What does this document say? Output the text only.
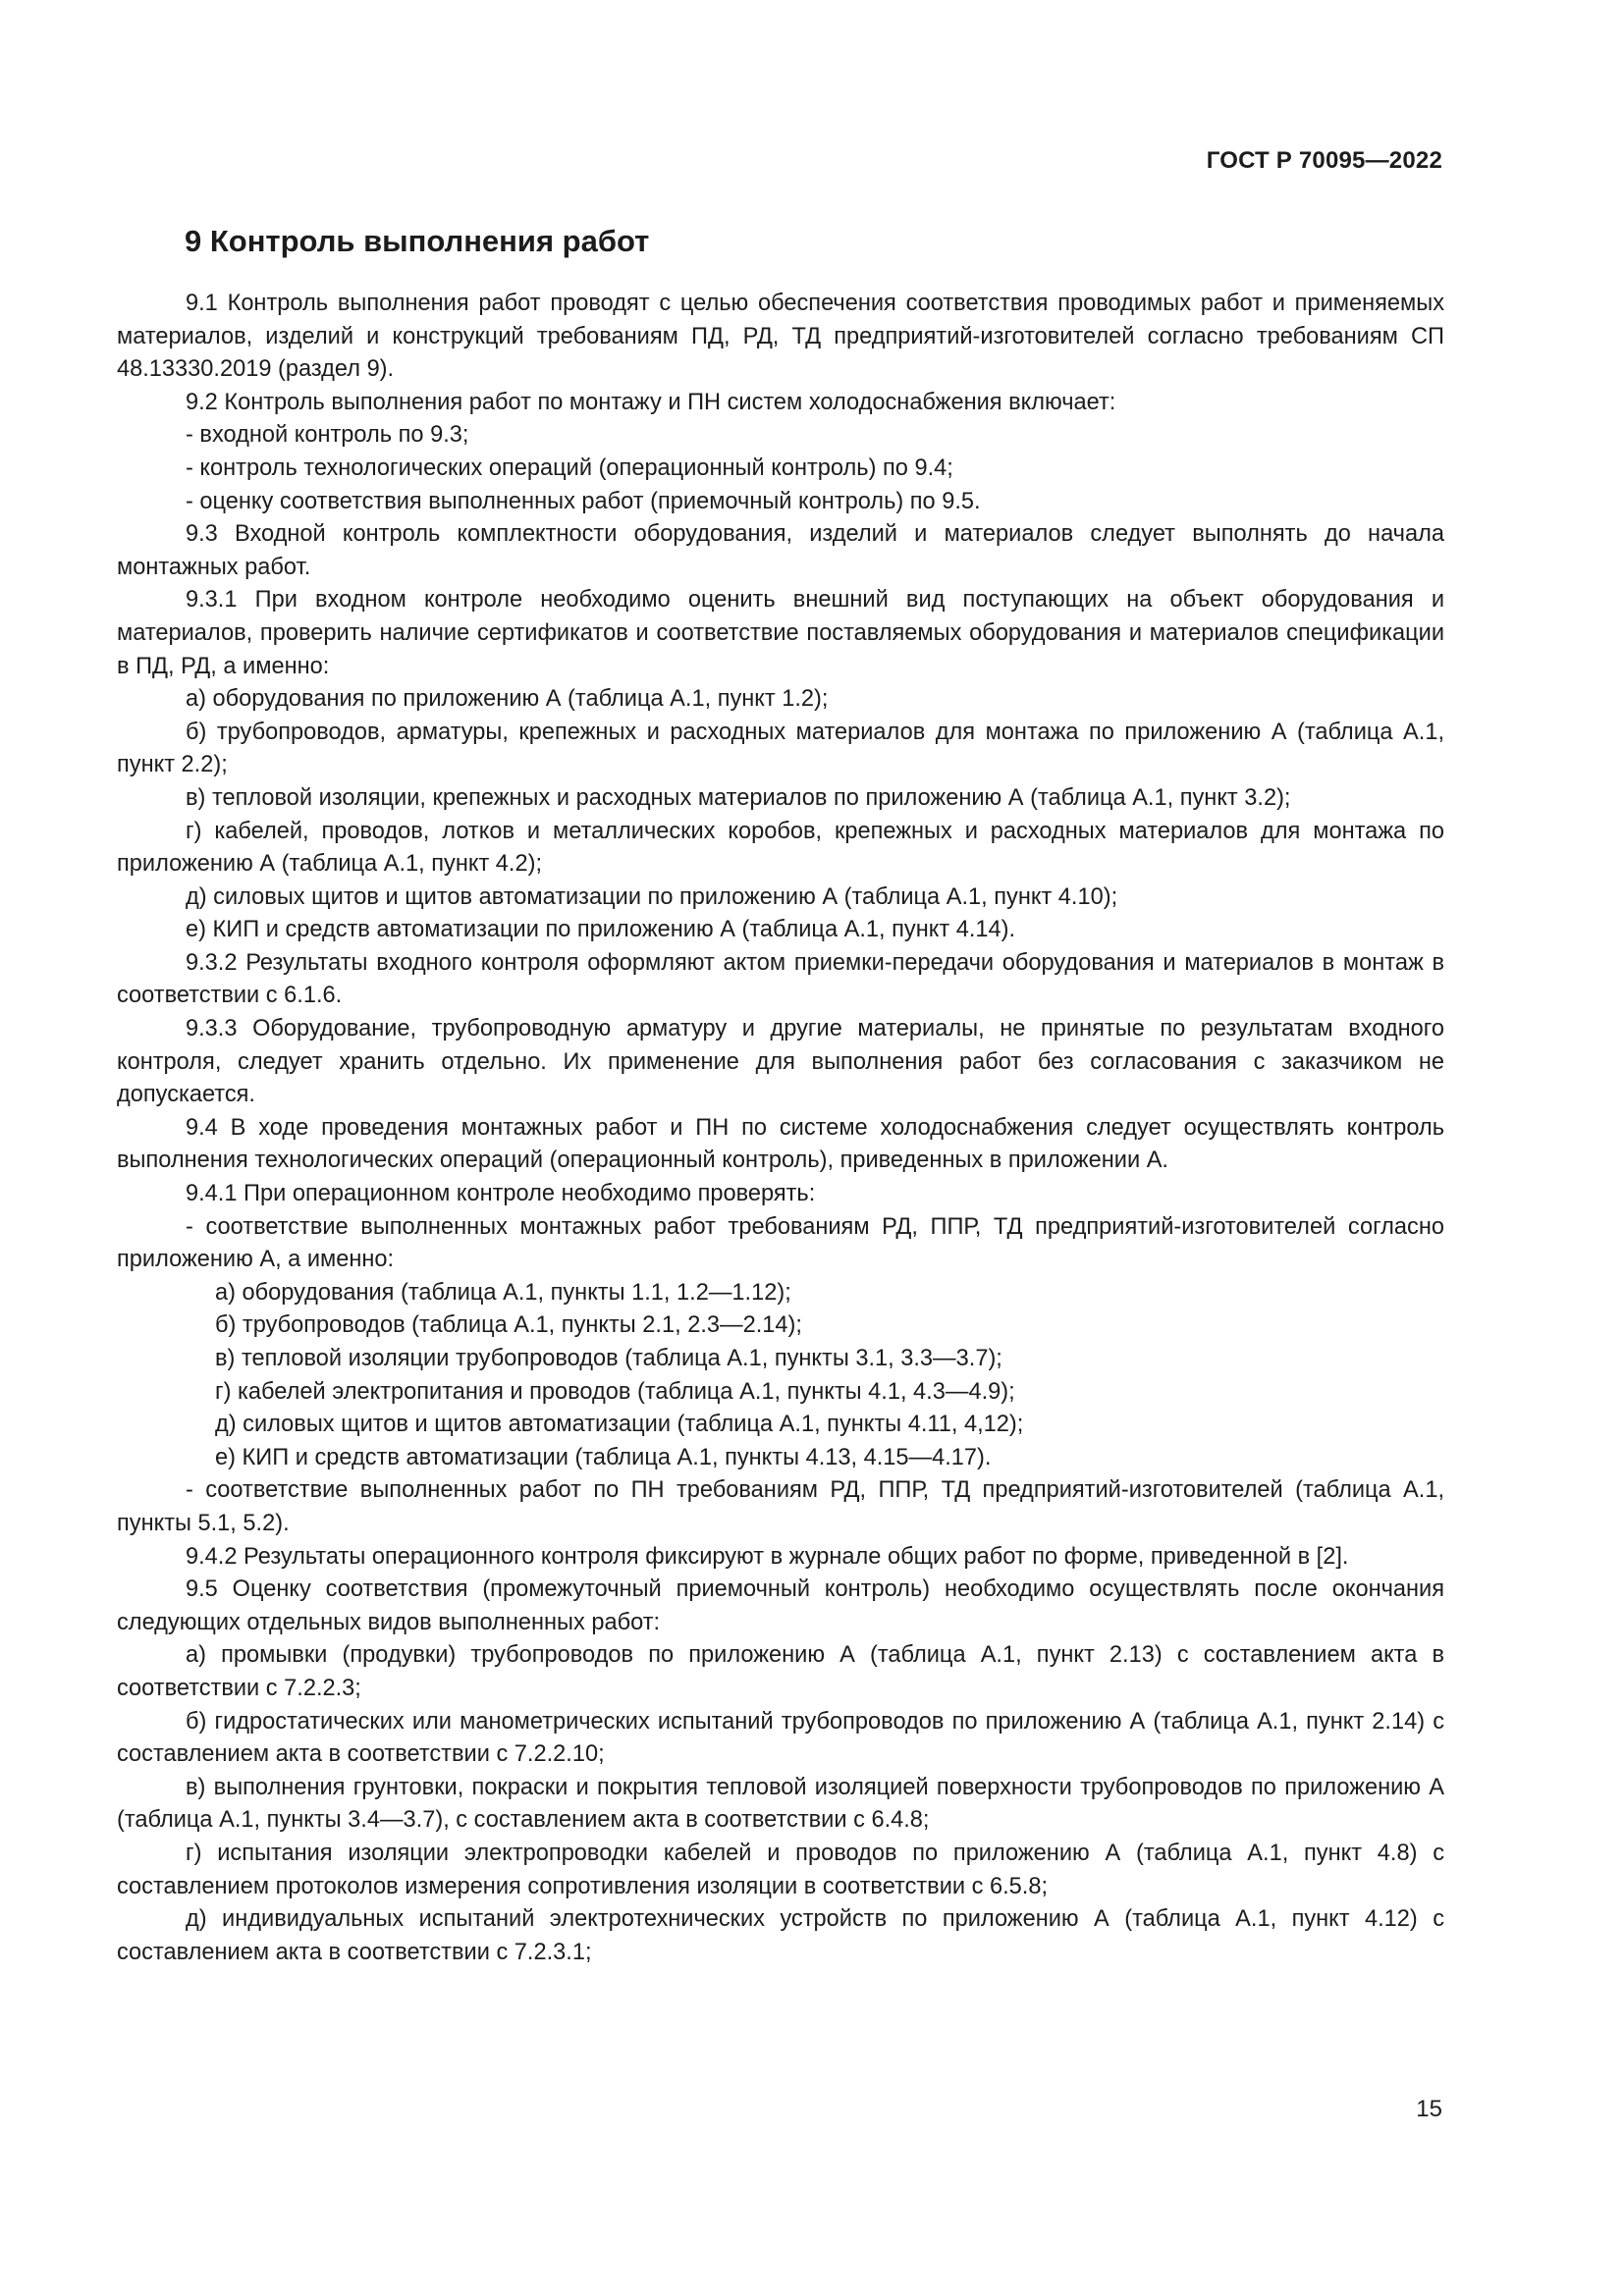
ГОСТ Р 70095—2022
9 Контроль выполнения работ

9.1 Контроль выполнения работ проводят с целью обеспечения соответствия проводимых работ и применяемых материалов, изделий и конструкций требованиям ПД, РД, ТД предприятий-изготовителей согласно требованиям СП 48.13330.2019 (раздел 9).

9.2 Контроль выполнения работ по монтажу и ПН систем холодоснабжения включает:

- входной контроль по 9.3;

- контроль технологических операций (операционный контроль) по 9.4;

- оценку соответствия выполненных работ (приемочный контроль) по 9.5.

9.3 Входной контроль комплектности оборудования, изделий и материалов следует выполнять до начала монтажных работ.

9.3.1 При входном контроле необходимо оценить внешний вид поступающих на объект оборудования и материалов, проверить наличие сертификатов и соответствие поставляемых оборудования и материалов спецификации в ПД, РД, а именно:

а) оборудования по приложению А (таблица А.1, пункт 1.2);

б) трубопроводов, арматуры, крепежных и расходных материалов для монтажа по приложению А (таблица А.1, пункт 2.2);

в) тепловой изоляции, крепежных и расходных материалов по приложению А (таблица А.1, пункт 3.2);

г) кабелей, проводов, лотков и металлических коробов, крепежных и расходных материалов для монтажа по приложению А (таблица А.1, пункт 4.2);

д) силовых щитов и щитов автоматизации по приложению А (таблица А.1, пункт 4.10);

е) КИП и средств автоматизации по приложению А (таблица А.1, пункт 4.14).

9.3.2 Результаты входного контроля оформляют актом приемки-передачи оборудования и материалов в монтаж в соответствии с 6.1.6.

9.3.3 Оборудование, трубопроводную арматуру и другие материалы, не принятые по результатам входного контроля, следует хранить отдельно. Их применение для выполнения работ без согласования с заказчиком не допускается.

9.4 В ходе проведения монтажных работ и ПН по системе холодоснабжения следует осуществлять контроль выполнения технологических операций (операционный контроль), приведенных в приложении А.

9.4.1 При операционном контроле необходимо проверять:

- соответствие выполненных монтажных работ требованиям РД, ППР, ТД предприятий-изготовителей согласно приложению А, а именно:

а) оборудования (таблица А.1, пункты 1.1, 1.2—1.12);

б) трубопроводов (таблица А.1, пункты 2.1, 2.3—2.14);

в) тепловой изоляции трубопроводов (таблица А.1, пункты 3.1, 3.3—3.7);

г) кабелей электропитания и проводов (таблица А.1, пункты 4.1, 4.3—4.9);

д) силовых щитов и щитов автоматизации (таблица А.1, пункты 4.11, 4,12);

е) КИП и средств автоматизации (таблица А.1, пункты 4.13, 4.15—4.17).

- соответствие выполненных работ по ПН требованиям РД, ППР, ТД предприятий-изготовителей (таблица А.1, пункты 5.1, 5.2).

9.4.2 Результаты операционного контроля фиксируют в журнале общих работ по форме, приведенной в [2].

9.5 Оценку соответствия (промежуточный приемочный контроль) необходимо осуществлять после окончания следующих отдельных видов выполненных работ:

а) промывки (продувки) трубопроводов по приложению А (таблица А.1, пункт 2.13) с составлением акта в соответствии с 7.2.2.3;

б) гидростатических или манометрических испытаний трубопроводов по приложению А (таблица А.1, пункт 2.14) с составлением акта в соответствии с 7.2.2.10;

в) выполнения грунтовки, покраски и покрытия тепловой изоляцией поверхности трубопроводов по приложению А (таблица А.1, пункты 3.4—3.7), с составлением акта в соответствии с 6.4.8;

г) испытания изоляции электропроводки кабелей и проводов по приложению А (таблица А.1, пункт 4.8) с составлением протоколов измерения сопротивления изоляции в соответствии с 6.5.8;

д) индивидуальных испытаний электротехнических устройств по приложению А (таблица А.1, пункт 4.12) с составлением акта в соответствии с 7.2.3.1;

15
